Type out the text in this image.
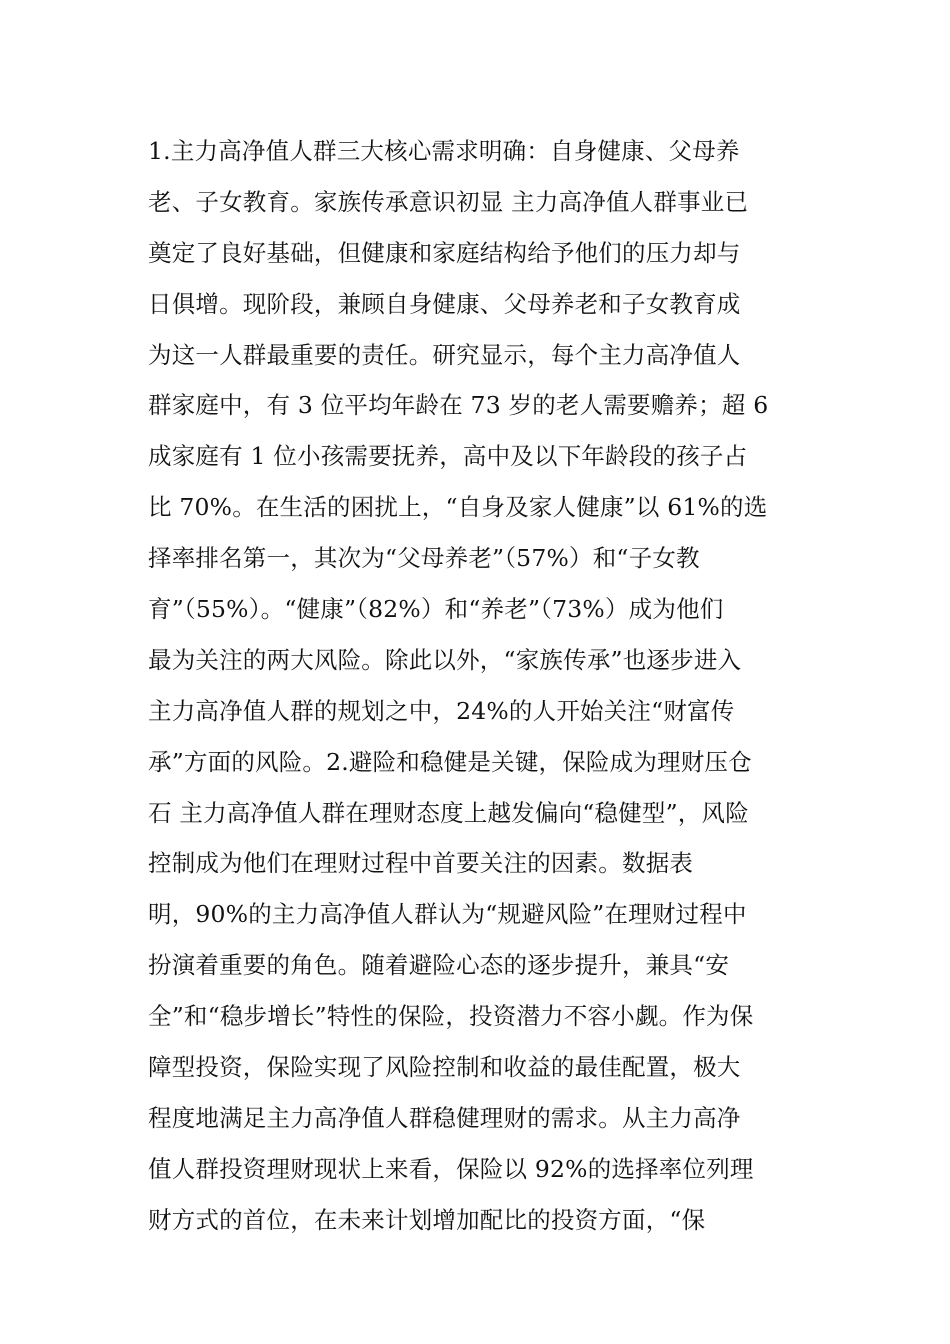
1.主力高净值人群三大核心需求明确：自身健康、父母养
老、子女教育。家族传承意识初显 主力高净值人群事业已
奠定了良好基础，但健康和家庭结构给予他们的压力却与
日俱增。现阶段，兼顾自身健康、父母养老和子女教育成
为这一人群最重要的责任。研究显示，每个主力高净值人
群家庭中，有 3 位平均年龄在 73 岁的老人需要赡养；超 6
成家庭有 1 位小孩需要抚养，高中及以下年龄段的孩子占
比 70%。在生活的困扰上，“自身及家人健康”以 61%的选
择率排名第一，其次为“父母养老”（57%）和“子女教
育”（55%）。“健康”（82%）和“养老”（73%）成为他们
最为关注的两大风险。除此以外，“家族传承”也逐步进入
主力高净值人群的规划之中，24%的人开始关注“财富传
承”方面的风险。2.避险和稳健是关键，保险成为理财压仓
石 主力高净值人群在理财态度上越发偏向“稳健型”，风险
控制成为他们在理财过程中首要关注的因素。数据表
明，90%的主力高净值人群认为“规避风险”在理财过程中
扮演着重要的角色。随着避险心态的逐步提升，兼具“安
全”和“稳步增长”特性的保险，投资潜力不容小觑。作为保
障型投资，保险实现了风险控制和收益的最佳配置，极大
程度地满足主力高净值人群稳健理财的需求。从主力高净
值人群投资理财现状上来看，保险以 92%的选择率位列理
财方式的首位，在未来计划增加配比的投资方面，“保
